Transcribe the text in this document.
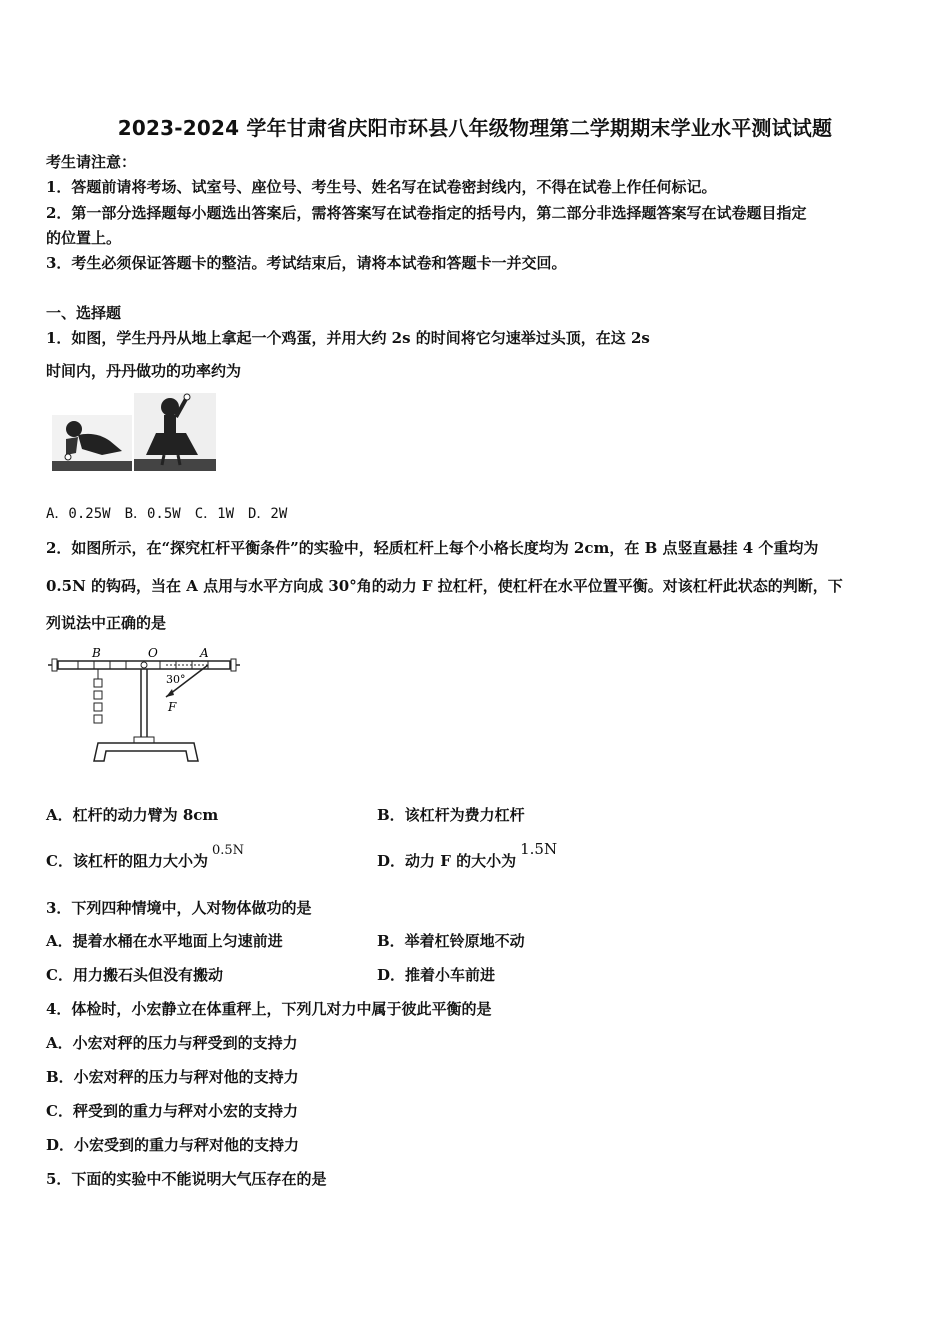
2023-2024 学年甘肃省庆阳市环县八年级物理第二学期期末学业水平测试试题
考生请注意：
1．答题前请将考场、试室号、座位号、考生号、姓名写在试卷密封线内，不得在试卷上作任何标记。
2．第一部分选择题每小题选出答案后，需将答案写在试卷指定的括号内，第二部分非选择题答案写在试卷题目指定
的位置上。
3．考生必须保证答题卡的整洁。考试结束后，请将本试卷和答题卡一并交回。
一、选择题
1．如图，学生丹丹从地上拿起一个鸡蛋，并用大约 2s 的时间将它匀速举过头顶，在这 2s
时间内，丹丹做功的功率约为
A．0.25W　B．0.5W　C．1W　D．2W
2．如图所示，在“探究杠杆平衡条件”的实验中，轻质杠杆上每个小格长度均为 2cm，在 B 点竖直悬挂 4 个重均为
0.5N 的钩码，当在 A 点用与水平方向成 30°角的动力 F 拉杠杆，使杠杆在水平位置平衡。对该杠杆此状态的判断，下
列说法中正确的是
B	O	A
30°
F
A．杠杆的动力臂为 8cm	B．该杠杆为费力杠杆
C．该杠杆的阻力大小为0.5N
D．动力 F 的大小为1.5N
3．下列四种情境中，人对物体做功的是
A．提着水桶在水平地面上匀速前进	B．举着杠铃原地不动
C．用力搬石头但没有搬动	D．推着小车前进
4．体检时，小宏静立在体重秤上，下列几对力中属于彼此平衡的是
A．小宏对秤的压力与秤受到的支持力
B．小宏对秤的压力与秤对他的支持力
C．秤受到的重力与秤对小宏的支持力
D．小宏受到的重力与秤对他的支持力
5．下面的实验中不能说明大气压存在的是
